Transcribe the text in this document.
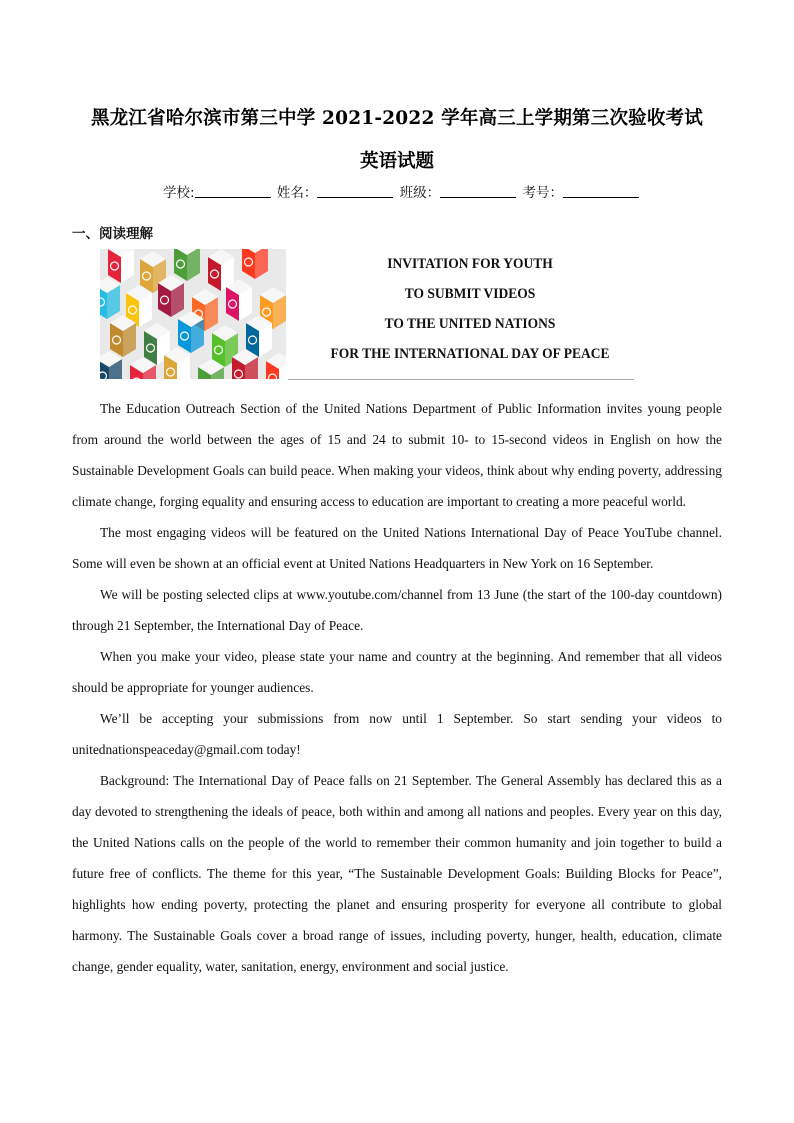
黑龙江省哈尔滨市第三中学 2021-2022 学年高三上学期第三次验收考试
英语试题
学校:	姓名：	班级：	考号：
一、阅读理解
INVITATION FOR YOUTH
TO SUBMIT VIDEOS
TO THE UNITED NATIONS
FOR THE INTERNATIONAL DAY OF PEACE

The Education Outreach Section of the United Nations Department of Public Information invites young people from around the world between the ages of 15 and 24 to submit 10- to 15-second videos in English on how the Sustainable Development Goals can build peace. When making your videos, think about why ending poverty, addressing climate change, forging equality and ensuring access to education are important to creating a more peaceful world.

The most engaging videos will be featured on the United Nations International Day of Peace YouTube channel. Some will even be shown at an official event at United Nations Headquarters in New York on 16 September.

We will be posting selected clips at www.youtube.com/channel from 13 June (the start of the 100-day countdown) through 21 September, the International Day of Peace.

When you make your video, please state your name and country at the beginning. And remember that all videos should be appropriate for younger audiences.

We’ll be accepting your submissions from now until 1 September. So start sending your videos to unitednationspeaceday@gmail.com today!

Background: The International Day of Peace falls on 21 September. The General Assembly has declared this as a day devoted to strengthening the ideals of peace, both within and among all nations and peoples. Every year on this day, the United Nations calls on the people of the world to remember their common humanity and join together to build a future free of conflicts. The theme for this year, “The Sustainable Development Goals: Building Blocks for Peace”, highlights how ending poverty, protecting the planet and ensuring prosperity for everyone all contribute to global harmony. The Sustainable Goals cover a broad range of issues, including poverty, hunger, health, education, climate change, gender equality, water, sanitation, energy, environment and social justice.
